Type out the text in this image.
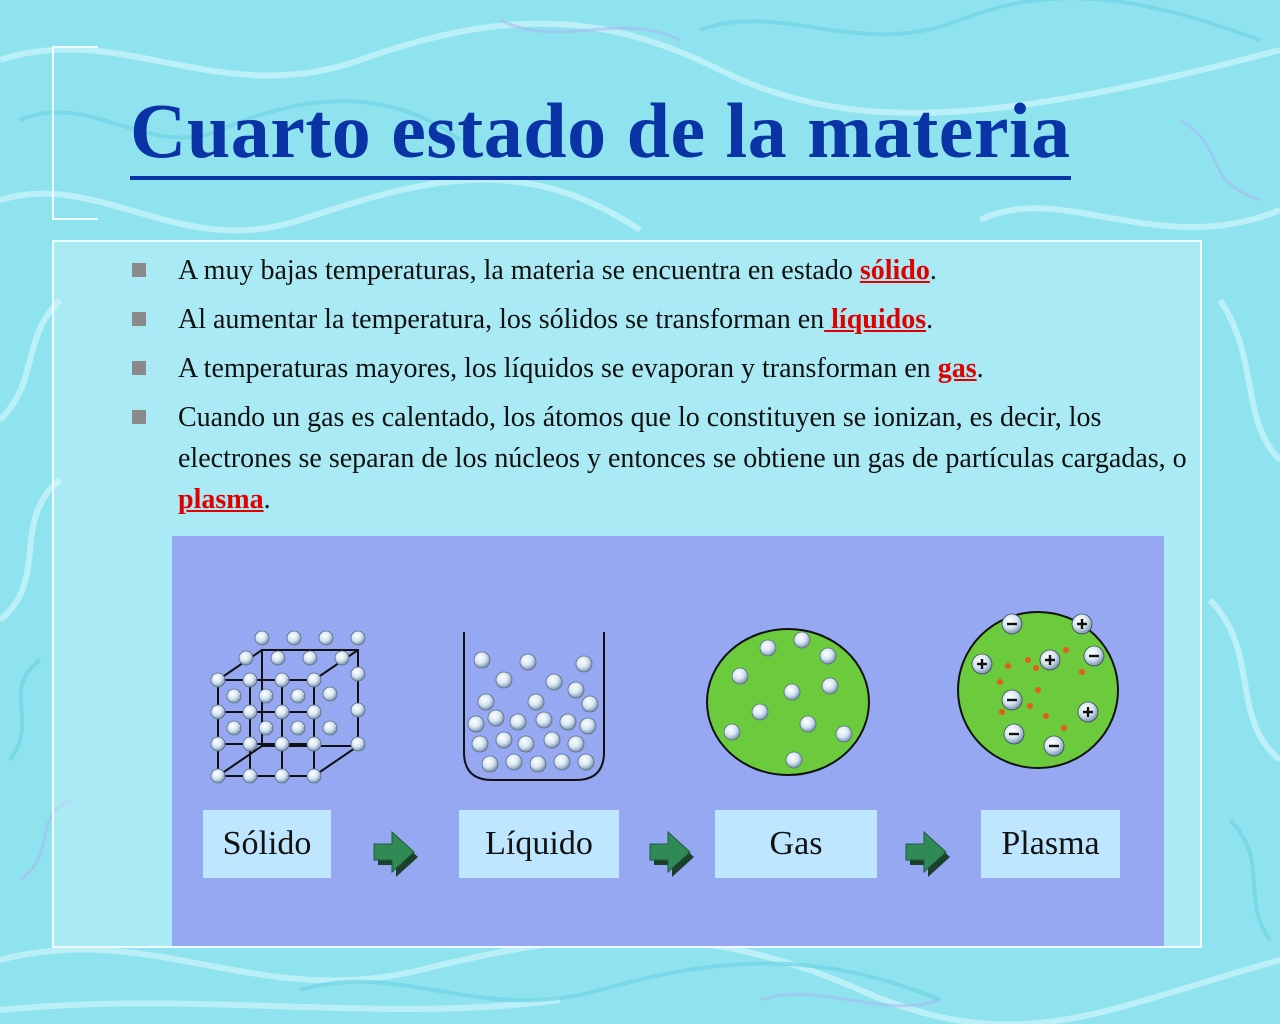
Cuarto estado de la materia
A muy bajas temperaturas, la materia se encuentra en estado sólido.
Al aumentar la temperatura, los sólidos se transforman en líquidos.
A temperaturas mayores, los líquidos se evaporan y transforman en gas.
Cuando un gas es calentado, los átomos que lo constituyen se ionizan, es decir, los electrones se separan de los núcleos y entonces se obtiene un gas de partículas cargadas, o plasma.
Sólido	Líquido	Gas	Plasma
